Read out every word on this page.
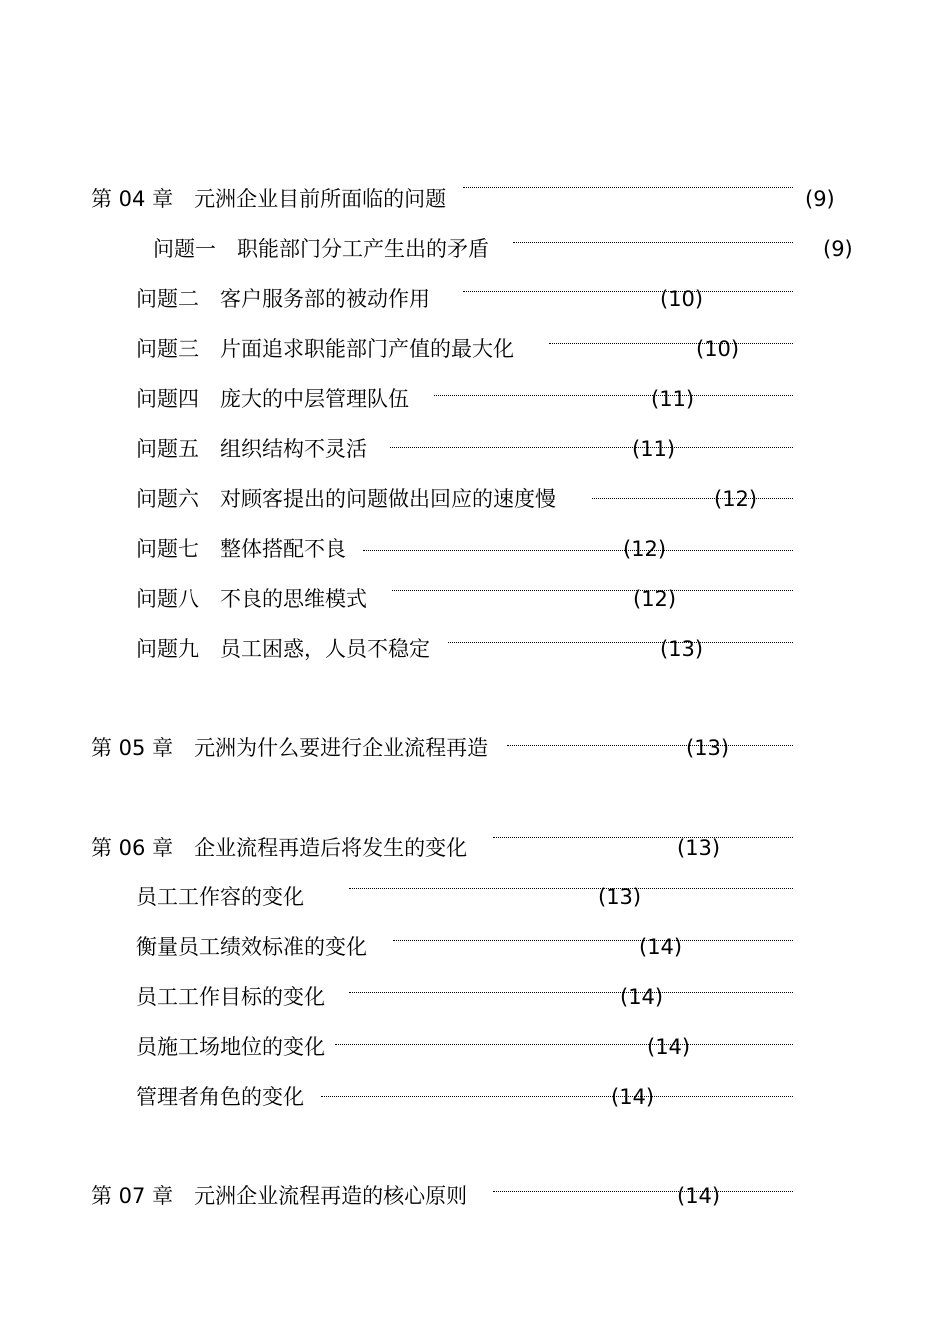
第 04 章　元洲企业目前所面临的问题	(9)
问题一　职能部门分工产生出的矛盾	(9)
问题二　客户服务部的被动作用	(10)
问题三　片面追求职能部门产值的最大化	(10)
问题四　庞大的中层管理队伍	(11)
问题五　组织结构不灵活	(11)
问题六　对顾客提出的问题做出回应的速度慢	(12)
问题七　整体搭配不良	(12)
问题八　不良的思维模式	(12)
问题九　员工困惑，人员不稳定	(13)
第 05 章　元洲为什么要进行企业流程再造	(13)
第 06 章　企业流程再造后将发生的变化	(13)
员工工作容的变化	(13)
衡量员工绩效标准的变化	(14)
员工工作目标的变化	(14)
员施工场地位的变化	(14)
管理者角色的变化	(14)
第 07 章　元洲企业流程再造的核心原则	(14)
